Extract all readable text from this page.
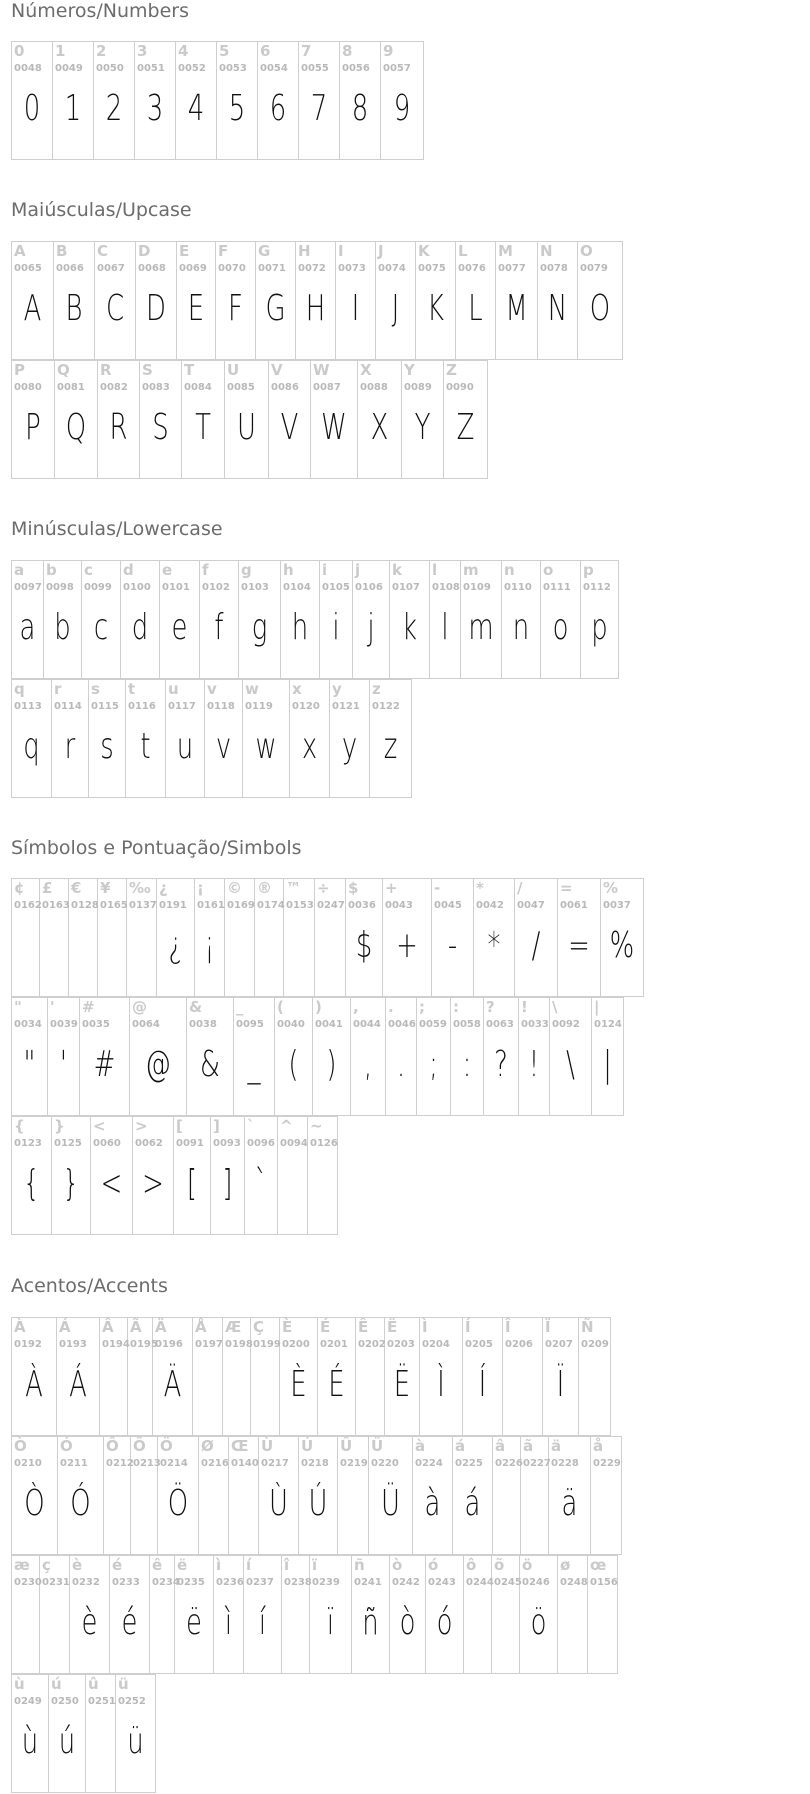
Números/Numbers
Maiúsculas/Upcase
Minúsculas/Lowercase
Símbolos e Pontuação/Simbols
Acentos/Accents
0
0048
0
1
0049
1
2
0050
2
3
0051
3
4
0052
4
5
0053
5
6
0054
6
7
0055
7
8
0056
8
9
0057
9
A
0065
A
B
0066
B
C
0067
C
D
0068
D
E
0069
E
F
0070
F
G
0071
G
H
0072
H
I
0073
I
J
0074
J
K
0075
K
L
0076
L
M
0077
M
N
0078
N
O
0079
O
P
0080
P
Q
0081
Q
R
0082
R
S
0083
S
T
0084
T
U
0085
U
V
0086
V
W
0087
W
X
0088
X
Y
0089
Y
Z
0090
Z
a
0097
a
b
0098
b
c
0099
c
d
0100
d
e
0101
e
f
0102
f
g
0103
g
h
0104
h
i
0105
i
j
0106
j
k
0107
k
l
0108
l
m
0109
m
n
0110
n
o
0111
o
p
0112
p
q
0113
q
r
0114
r
s
0115
s
t
0116
t
u
0117
u
v
0118
v
w
0119
w
x
0120
x
y
0121
y
z
0122
z
¢
0162
£
0163
€
0128
¥
0165
‰
0137
¿
0191
¿
¡
0161
¡
©
0169
®
0174
™
0153
÷
0247
$
0036
$
+
0043
+
-
0045
-
*
0042
*
/
0047
/
=
0061
=
%
0037
%
"
0034
"
'
0039
'
#
0035
#
@
0064
@
&
0038
&
_
0095
_
(
0040
(
)
0041
)
,
0044
,
.
0046
.
;
0059
;
:
0058
:
?
0063
?
!
0033
!
\
0092
\
|
0124
|
{
0123
{
}
0125
}
<
0060
<
>
0062
>
[
0091
[
]
0093
]
`
0096
`
^
0094
~
0126
À
0192
À
Á
0193
Á
Â
0194
Ã
0195
Ä
0196
Ä
Å
0197
Æ
0198
Ç
0199
È
0200
È
É
0201
É
Ê
0202
Ë
0203
Ë
Ì
0204
Ì
Í
0205
Í
Î
0206
Ï
0207
Ï
Ñ
0209
Ò
0210
Ò
Ó
0211
Ó
Ô
0212
Õ
0213
Ö
0214
Ö
Ø
0216
Œ
0140
Ù
0217
Ù
Ú
0218
Ú
Û
0219
Ü
0220
Ü
à
0224
à
á
0225
á
â
0226
ã
0227
ä
0228
ä
å
0229
æ
0230
ç
0231
è
0232
è
é
0233
é
ê
0234
ë
0235
ë
ì
0236
ì
í
0237
í
î
0238
ï
0239
ï
ñ
0241
ñ
ò
0242
ò
ó
0243
ó
ô
0244
õ
0245
ö
0246
ö
ø
0248
œ
0156
ù
0249
ù
ú
0250
ú
û
0251
ü
0252
ü
